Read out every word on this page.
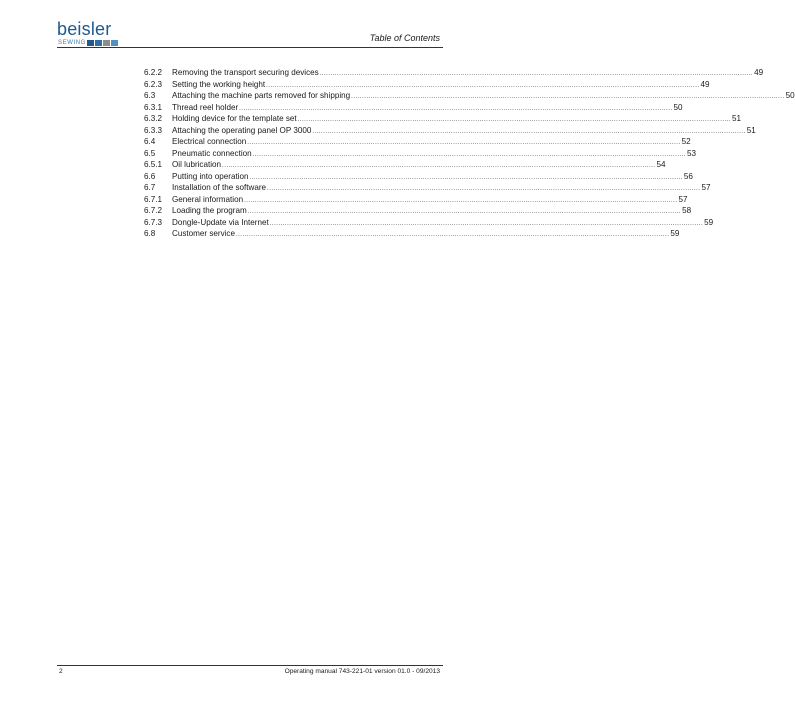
beisler
SEWING	Table of Contents
6.2.2	Removing the transport securing devices ........................................................................................................................................................................................................ 49
6.2.3	Setting the working height ........................................................................................................................................................................................................ 49
6.3	Attaching the machine parts removed for shipping ........................................................................................................................................................................................................ 50
6.3.1	Thread reel holder ........................................................................................................................................................................................................ 50
6.3.2	Holding device for the template set ........................................................................................................................................................................................................ 51
6.3.3	Attaching the operating panel OP 3000 ........................................................................................................................................................................................................ 51
6.4	Electrical connection ........................................................................................................................................................................................................ 52
6.5	Pneumatic connection ........................................................................................................................................................................................................ 53
6.5.1	Oil lubrication ........................................................................................................................................................................................................ 54
6.6	Putting into operation ........................................................................................................................................................................................................ 56
6.7	Installation of the software ........................................................................................................................................................................................................ 57
6.7.1	General information ........................................................................................................................................................................................................ 57
6.7.2	Loading the program ........................................................................................................................................................................................................ 58
6.7.3	Dongle-Update via Internet ........................................................................................................................................................................................................ 59
6.8	Customer service ........................................................................................................................................................................................................ 59
2	Operating manual 743-221-01 version 01.0 - 09/2013
